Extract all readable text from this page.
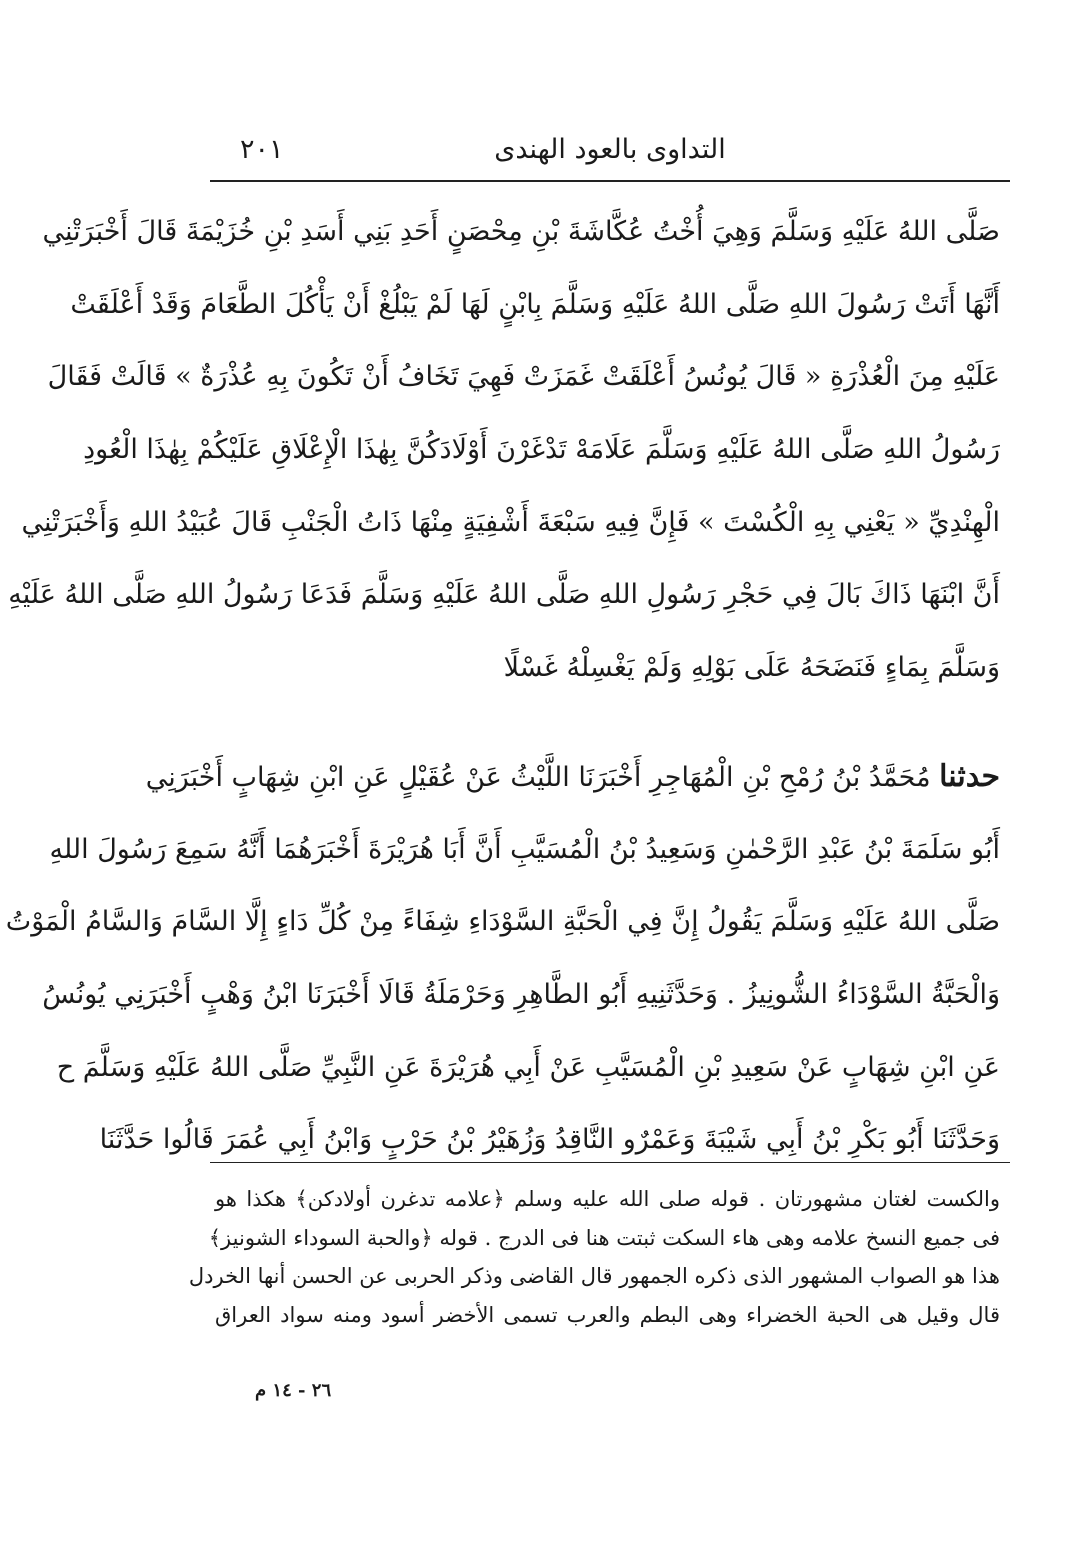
التداوى بالعود الهندى
٢٠١
صَلَّى اللهُ عَلَيْهِ وَسَلَّمَ وَهِيَ أُخْتُ عُكَّاشَةَ بْنِ مِحْصَنٍ أَحَدِ بَنِي أَسَدِ بْنِ خُزَيْمَةَ قَالَ أَخْبَرَتْنِي
أَنَّهَا أَتَتْ رَسُولَ اللهِ صَلَّى اللهُ عَلَيْهِ وَسَلَّمَ بِابْنٍ لَهَا لَمْ يَبْلُغْ أَنْ يَأْكُلَ الطَّعَامَ وَقَدْ أَعْلَقَتْ
عَلَيْهِ مِنَ الْعُذْرَةِ « قَالَ يُونُسُ أَعْلَقَتْ غَمَزَتْ فَهِيَ تَخَافُ أَنْ تَكُونَ بِهِ عُذْرَةٌ » قَالَتْ فَقَالَ
رَسُولُ اللهِ صَلَّى اللهُ عَلَيْهِ وَسَلَّمَ عَلَامَهْ تَدْغَرْنَ أَوْلَادَكُنَّ بِهٰذَا الْإِعْلَاقِ عَلَيْكُمْ بِهٰذَا الْعُودِ
الْهِنْدِيِّ « يَعْنِي بِهِ الْكُسْتَ » فَإِنَّ فِيهِ سَبْعَةَ أَشْفِيَةٍ مِنْهَا ذَاتُ الْجَنْبِ قَالَ عُبَيْدُ اللهِ وَأَخْبَرَتْنِي
أَنَّ ابْنَهَا ذَاكَ بَالَ فِي حَجْرِ رَسُولِ اللهِ صَلَّى اللهُ عَلَيْهِ وَسَلَّمَ فَدَعَا رَسُولُ اللهِ صَلَّى اللهُ عَلَيْهِ
وَسَلَّمَ بِمَاءٍ فَنَضَحَهُ عَلَى بَوْلِهِ وَلَمْ يَغْسِلْهُ غَسْلًا
حدثنا مُحَمَّدُ بْنُ رُمْحِ بْنِ الْمُهَاجِرِ أَخْبَرَنَا اللَّيْثُ عَنْ عُقَيْلٍ عَنِ ابْنِ شِهَابٍ أَخْبَرَنِي
أَبُو سَلَمَةَ بْنُ عَبْدِ الرَّحْمٰنِ وَسَعِيدُ بْنُ الْمُسَيَّبِ أَنَّ أَبَا هُرَيْرَةَ أَخْبَرَهُمَا أَنَّهُ سَمِعَ رَسُولَ اللهِ
صَلَّى اللهُ عَلَيْهِ وَسَلَّمَ يَقُولُ إِنَّ فِي الْحَبَّةِ السَّوْدَاءِ شِفَاءً مِنْ كُلِّ دَاءٍ إِلَّا السَّامَ وَالسَّامُ الْمَوْتُ
وَالْحَبَّةُ السَّوْدَاءُ الشُّونِيزُ . وَحَدَّثَنِيهِ أَبُو الطَّاهِرِ وَحَرْمَلَةُ قَالَا أَخْبَرَنَا ابْنُ وَهْبٍ أَخْبَرَنِي يُونُسُ
عَنِ ابْنِ شِهَابٍ عَنْ سَعِيدِ بْنِ الْمُسَيَّبِ عَنْ أَبِي هُرَيْرَةَ عَنِ النَّبِيِّ صَلَّى اللهُ عَلَيْهِ وَسَلَّمَ ح
وَحَدَّثَنَا أَبُو بَكْرِ بْنُ أَبِي شَيْبَةَ وَعَمْرٌو النَّاقِدُ وَزُهَيْرُ بْنُ حَرْبٍ وَابْنُ أَبِي عُمَرَ قَالُوا حَدَّثَنَا
والكست لغتان مشهورتان . قوله صلى الله عليه وسلم ﴿علامه تدغرن أولادكن﴾ هكذا هو
فى جميع النسخ علامه وهى هاء السكت ثبتت هنا فى الدرج . قوله ﴿والحبة السوداء الشونيز﴾
هذا هو الصواب المشهور الذى ذكره الجمهور قال القاضى وذكر الحربى عن الحسن أنها الخردل
قال وقيل هى الحبة الخضراء وهى البطم والعرب تسمى الأخضر أسود ومنه سواد العراق
٢٦ - ١٤ م
